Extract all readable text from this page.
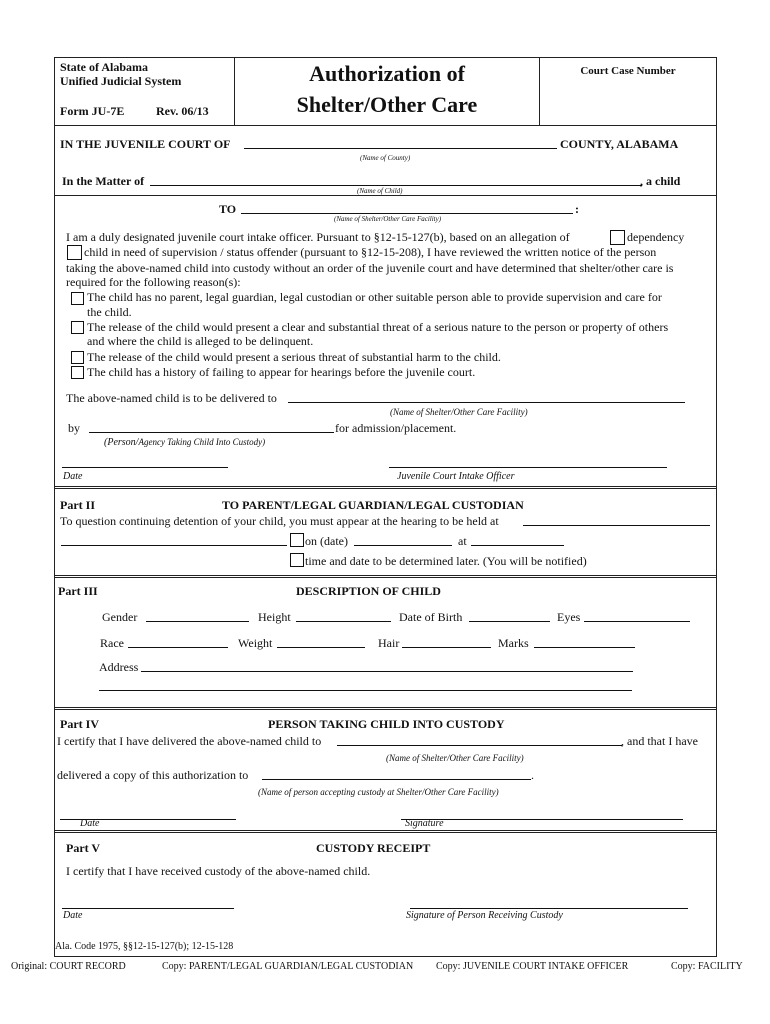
State of Alabama
Unified Judicial System
Form JU-7E	Rev. 06/13
Authorization of
Shelter/Other Care
Court Case Number
IN THE JUVENILE COURT OF	COUNTY, ALABAMA
(Name of County)
In the Matter of	, a child
(Name of Child)
TO	:
(Name of Shelter/Other Care Facility)
I am a duly designated juvenile court intake officer. Pursuant to §12-15-127(b), based on an allegation of	dependency
child in need of supervision / status offender (pursuant to §12-15-208), I have reviewed the written notice of the person
taking the above-named child into custody without an order of the juvenile court and have determined that shelter/other care is
required for the following reason(s):
The child has no parent, legal guardian, legal custodian or other suitable person able to provide supervision and care for
the child.
The release of the child would present a clear and substantial threat of a serious nature to the person or property of others
and where the child is alleged to be delinquent.
The release of the child would present a serious threat of substantial harm to the child.
The child has a history of failing to appear for hearings before the juvenile court.
The above-named child is to be delivered to
(Name of Shelter/Other Care Facility)
by	for admission/placement.
(Person/Agency Taking Child Into Custody)
Date	Juvenile Court Intake Officer
Part II	TO PARENT/LEGAL GUARDIAN/LEGAL CUSTODIAN
To question continuing detention of your child, you must appear at the hearing to be held at
on (date)	at
time and date to be determined later. (You will be notified)
Part III	DESCRIPTION OF CHILD
Gender	Height	Date of Birth	Eyes
Race	Weight	Hair	Marks
Address
Part IV	PERSON TAKING CHILD INTO CUSTODY
I certify that I have delivered the above-named child to	, and that I have
(Name of Shelter/Other Care Facility)
delivered a copy of this authorization to	.
(Name of person accepting custody at Shelter/Other Care Facility)
Date	Signature
Part V	CUSTODY RECEIPT
I certify that I have received custody of the above-named child.
Date	Signature of Person Receiving Custody
Ala. Code 1975, §§12-15-127(b); 12-15-128
Original: COURT RECORD	Copy: PARENT/LEGAL GUARDIAN/LEGAL CUSTODIAN Copy: JUVENILE COURT INTAKE OFFICER	Copy: FACILITY
